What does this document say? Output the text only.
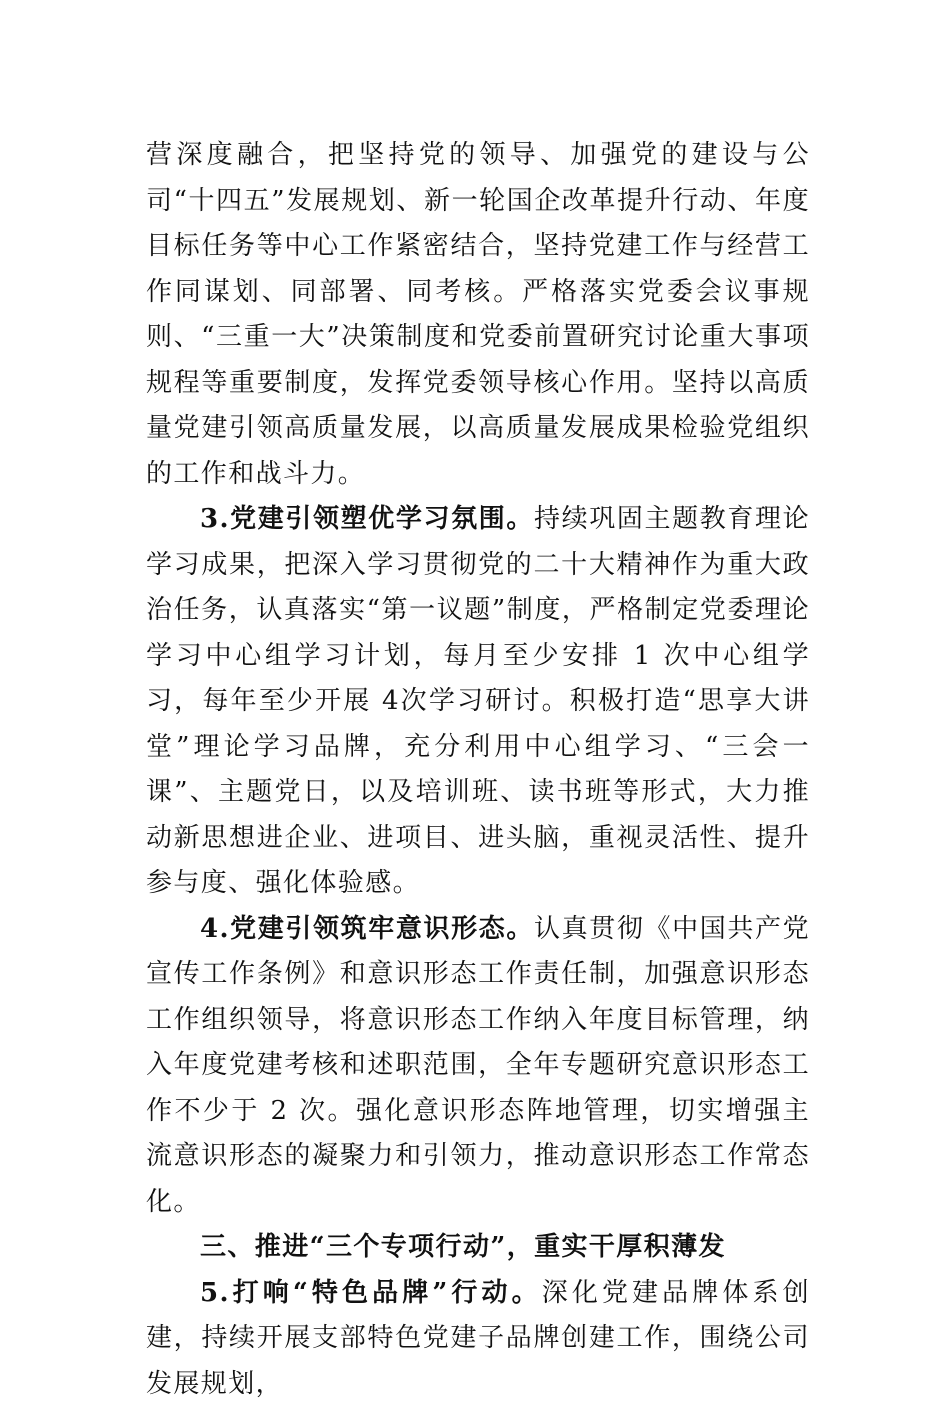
营深度融合，把坚持党的领导、加强党的建设与公司“十四五”发展规划、新一轮国企改革提升行动、年度目标任务等中心工作紧密结合，坚持党建工作与经营工作同谋划、同部署、同考核。严格落实党委会议事规则、“三重一大”决策制度和党委前置研究讨论重大事项规程等重要制度，发挥党委领导核心作用。坚持以高质量党建引领高质量发展，以高质量发展成果检验党组织的工作和战斗力。

3.党建引领塑优学习氛围。持续巩固主题教育理论学习成果，把深入学习贯彻党的二十大精神作为重大政治任务，认真落实“第一议题”制度，严格制定党委理论学习中心组学习计划，每月至少安排 1 次中心组学习，每年至少开展 4次学习研讨。积极打造“思享大讲堂”理论学习品牌，充分利用中心组学习、“三会一课”、主题党日，以及培训班、读书班等形式，大力推动新思想进企业、进项目、进头脑，重视灵活性、提升参与度、强化体验感。

4.党建引领筑牢意识形态。认真贯彻《中国共产党宣传工作条例》和意识形态工作责任制，加强意识形态工作组织领导，将意识形态工作纳入年度目标管理，纳入年度党建考核和述职范围，全年专题研究意识形态工作不少于 2 次。强化意识形态阵地管理，切实增强主流意识形态的凝聚力和引领力，推动意识形态工作常态化。

三、推进“三个专项行动”，重实干厚积薄发

5.打响“特色品牌”行动。深化党建品牌体系创建，持续开展支部特色党建子品牌创建工作，围绕公司发展规划，
